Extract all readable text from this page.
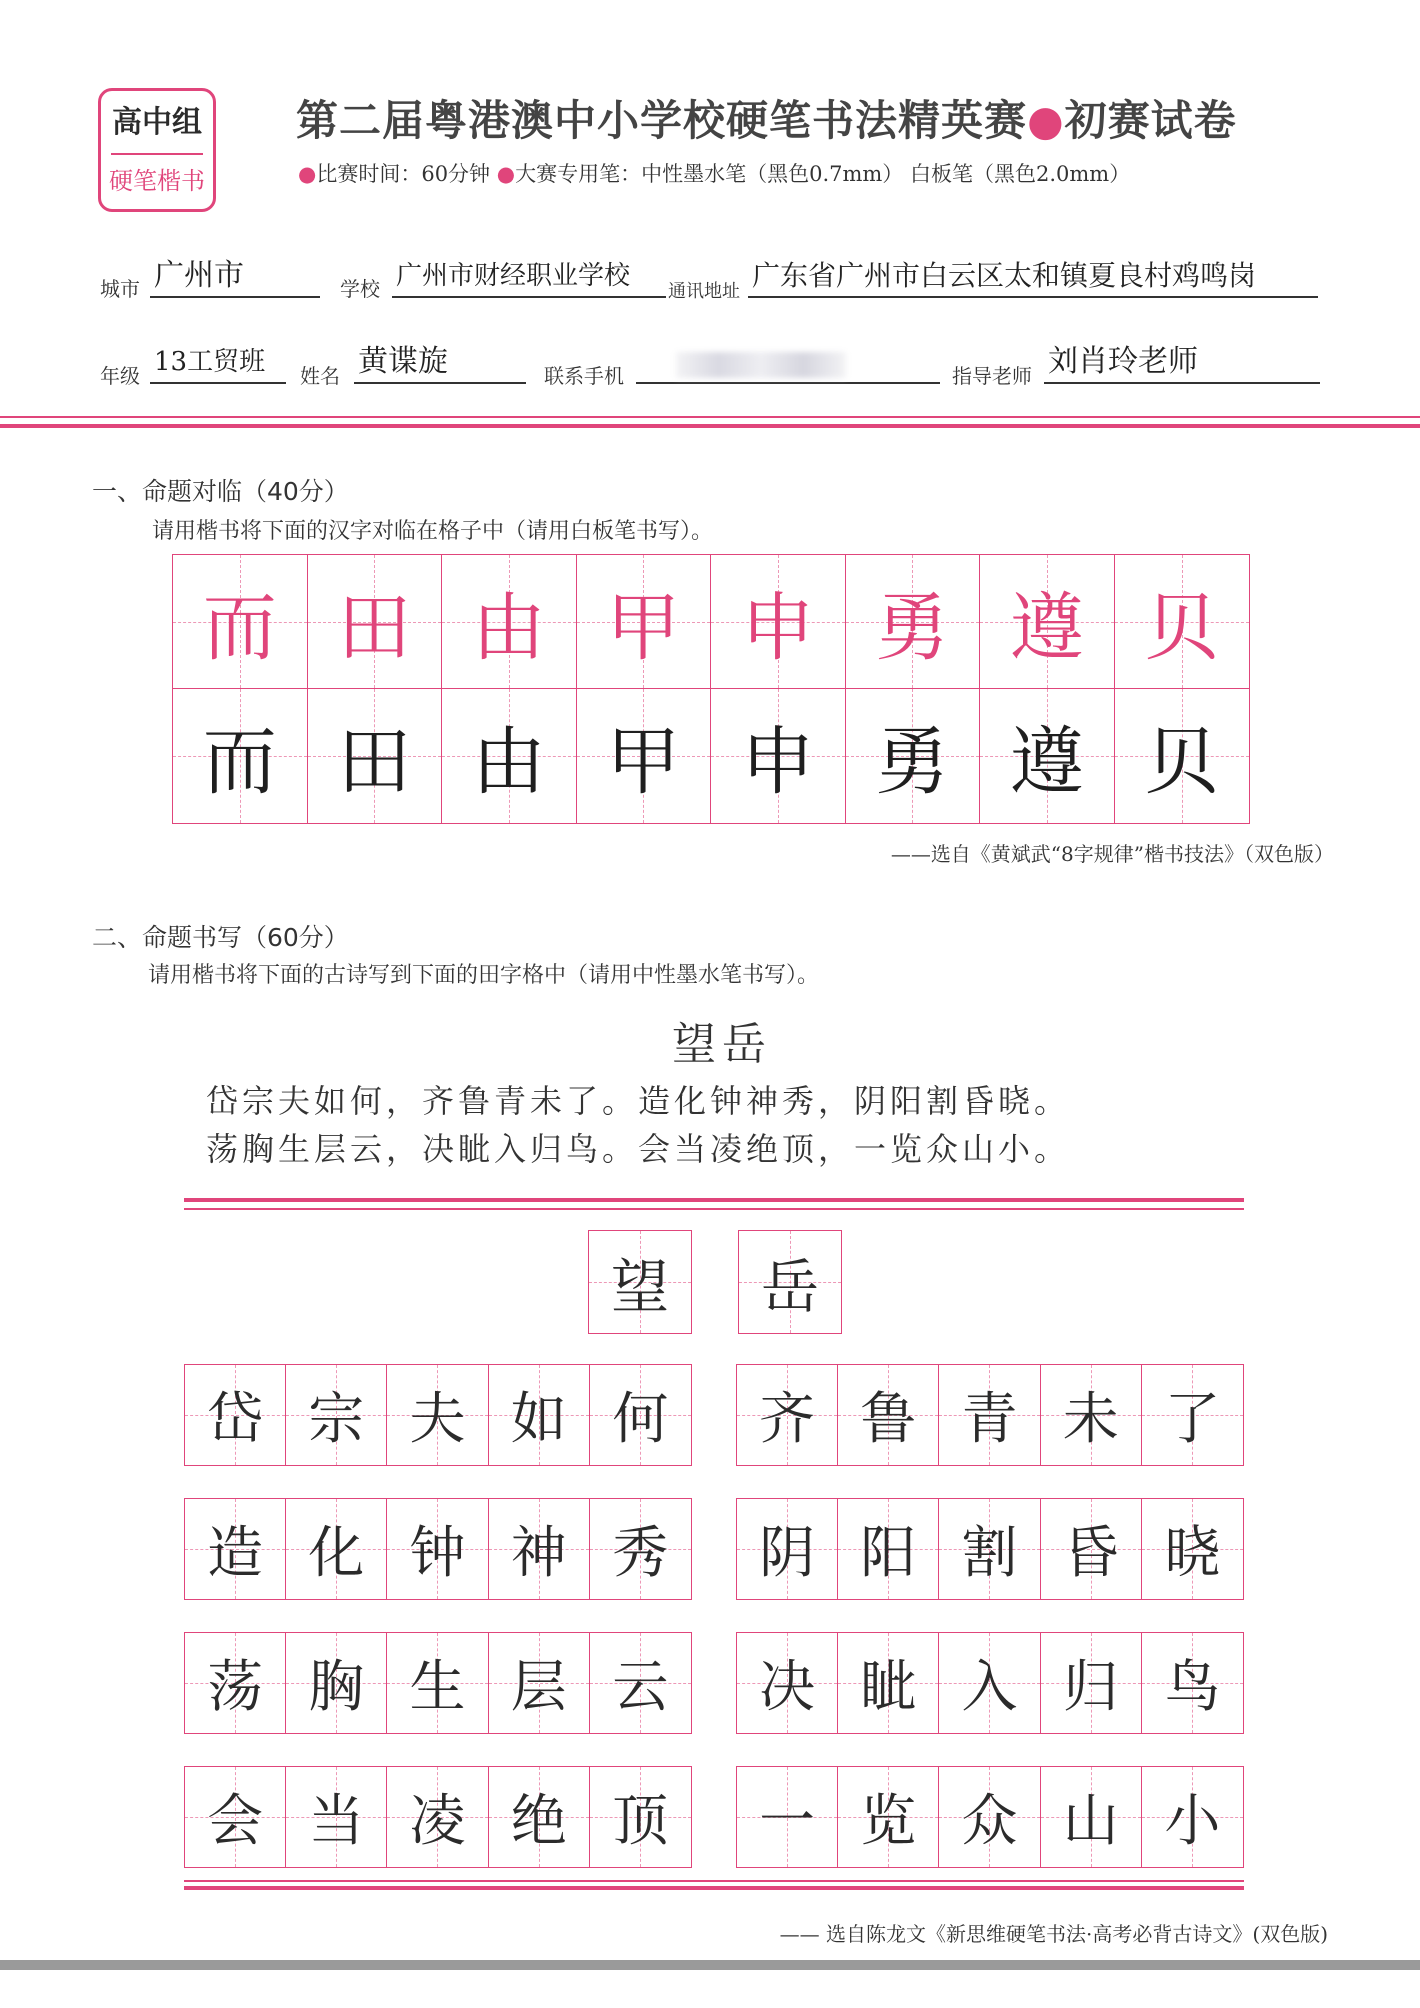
高中组
硬笔楷书
第二届粤港澳中小学校硬笔书法精英赛●初赛试卷
●比赛时间：60分钟 ●大赛专用笔：中性墨水笔（黑色0.7mm） 白板笔（黑色2.0mm）
城市 广州市	学校 广州市财经职业学校
通讯地址 广东省广州市白云区太和镇夏良村鸡鸣岗
年级 13工贸班	姓名 黄谍旋	联系手机	指导老师 刘肖玲老师
一、命题对临（40分）
请用楷书将下面的汉字对临在格子中（请用白板笔书写）。
而 田 由 甲 申 勇 遵 贝
而 田 由 甲 申 勇 遵 贝
——选自《黄斌武“8字规律”楷书技法》（双色版）
二、命题书写（60分）
请用楷书将下面的古诗写到下面的田字格中（请用中性墨水笔书写）。
望岳
岱宗夫如何，齐鲁青未了。造化钟神秀，阴阳割昏晓。
荡胸生层云，决眦入归鸟。会当凌绝顶，一览众山小。
望 岳
岱 宗 夫 如 何 齐 鲁 青 未 了
造 化 钟 神 秀 阴 阳 割 昏 晓
荡 胸 生 层 云 决 眦 入 归 鸟
会 当 凌 绝 顶 一 览 众 山 小
—— 选自陈龙文《新思维硬笔书法·高考必背古诗文》(双色版)
